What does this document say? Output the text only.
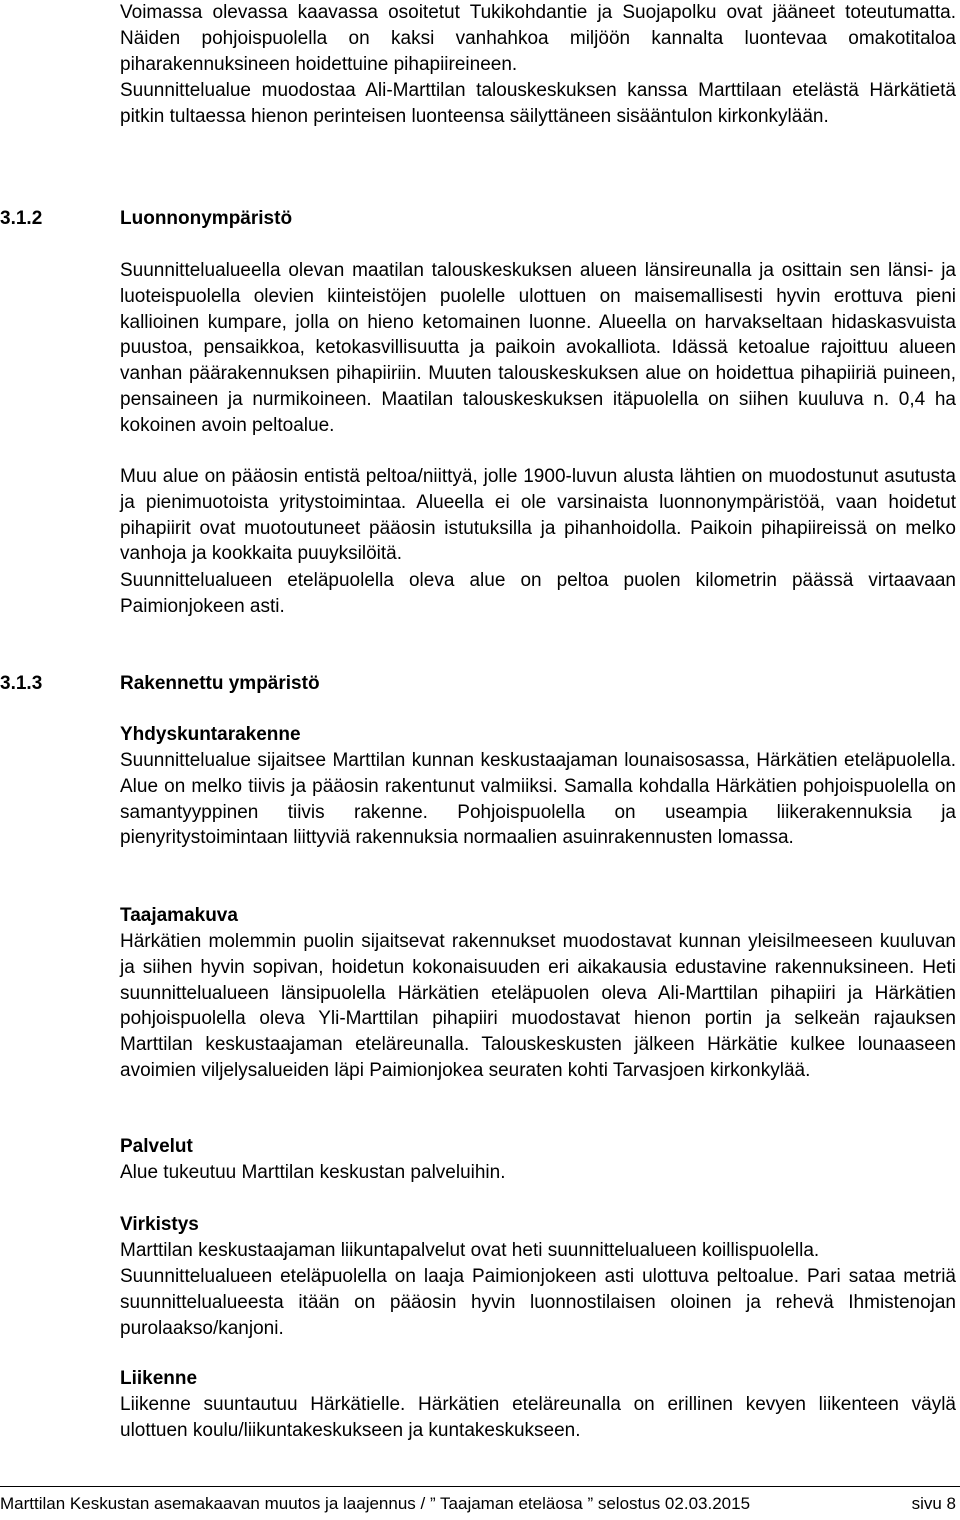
Voimassa olevassa kaavassa osoitetut Tukikohdantie ja Suojapolku ovat jääneet toteutumatta. Näiden pohjoispuolella on kaksi vanhahkoa miljöön kannalta luontevaa omakotitaloa piharakennuksineen hoidettuine pihapiireineen.

Suunnittelualue muodostaa Ali-Marttilan talouskeskuksen kanssa Marttilaan etelästä Härkätietä pitkin tultaessa hienon perinteisen luonteensa säilyttäneen sisääntulon kirkonkylään.

3.1.2	Luonnonympäristö

Suunnittelualueella olevan maatilan talouskeskuksen alueen länsireunalla ja osittain sen länsi- ja luoteispuolella olevien kiinteistöjen puolelle ulottuen on maisemallisesti hyvin erottuva pieni kallioinen kumpare, jolla on hieno ketomainen luonne. Alueella on harvakseltaan hidaskasvuista puustoa, pensaikkoa, ketokasvillisuutta ja paikoin avokalliota. Idässä ketoalue rajoittuu alueen vanhan päärakennuksen pihapiiriin. Muuten talouskeskuksen alue on hoidettua pihapiiriä puineen, pensaineen ja nurmikoineen. Maatilan talouskeskuksen itäpuolella on siihen kuuluva n. 0,4 ha kokoinen avoin peltoalue.

Muu alue on pääosin entistä peltoa/niittyä, jolle 1900-luvun alusta lähtien on muodostunut asutusta ja pienimuotoista yritystoimintaa. Alueella ei ole varsinaista luonnonympäristöä, vaan hoidetut pihapiirit ovat muotoutuneet pääosin istutuksilla ja pihanhoidolla. Paikoin pihapiireissä on melko vanhoja ja kookkaita puuyksilöitä.

Suunnittelualueen eteläpuolella oleva alue on peltoa puolen kilometrin päässä virtaavaan Paimionjokeen asti.

3.1.3	Rakennettu ympäristö
Yhdyskuntarakenne

Suunnittelualue sijaitsee Marttilan kunnan keskustaajaman lounaisosassa, Härkätien eteläpuolella. Alue on melko tiivis ja pääosin rakentunut valmiiksi. Samalla kohdalla Härkätien pohjoispuolella on samantyyppinen tiivis rakenne. Pohjoispuolella on useampia liikerakennuksia ja pienyritystoimintaan liittyviä rakennuksia normaalien asuinrakennusten lomassa.

Taajamakuva

Härkätien molemmin puolin sijaitsevat rakennukset muodostavat kunnan yleisilmeeseen kuuluvan ja siihen hyvin sopivan, hoidetun kokonaisuuden eri aikakausia edustavine rakennuksineen. Heti suunnittelualueen länsipuolella Härkätien eteläpuolen oleva Ali-Marttilan pihapiiri ja Härkätien pohjoispuolella oleva Yli-Marttilan pihapiiri muodostavat hienon portin ja selkeän rajauksen Marttilan keskustaajaman eteläreunalla. Talouskeskusten jälkeen Härkätie kulkee lounaaseen avoimien viljelysalueiden läpi Paimionjokea seuraten kohti Tarvasjoen kirkonkylää.

Palvelut

Alue tukeutuu Marttilan keskustan palveluihin.

Virkistys

Marttilan keskustaajaman liikuntapalvelut ovat heti suunnittelualueen koillispuolella.

Suunnittelualueen eteläpuolella on laaja Paimionjokeen asti ulottuva peltoalue. Pari sataa metriä suunnittelualueesta itään on pääosin hyvin luonnostilaisen oloinen ja rehevä Ihmistenojan purolaakso/kanjoni.

Liikenne

Liikenne suuntautuu Härkätielle. Härkätien eteläreunalla on erillinen kevyen liikenteen väylä ulottuen koulu/liikuntakeskukseen ja kuntakeskukseen.

Marttilan Keskustan asemakaavan muutos ja laajennus / ” Taajaman eteläosa ” selostus 02.03.2015	sivu 8
